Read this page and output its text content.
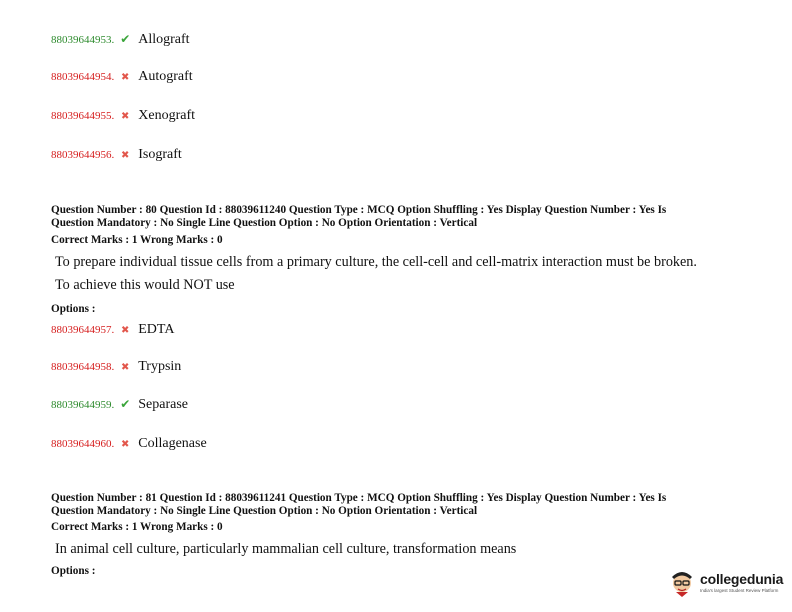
88039644953. ✔ Allograft
88039644954. ✖ Autograft
88039644955. ✖ Xenograft
88039644956. ✖ Isograft
Question Number : 80 Question Id : 88039611240 Question Type : MCQ Option Shuffling : Yes Display Question Number : Yes Is
Question Mandatory : No Single Line Question Option : No Option Orientation : Vertical
Correct Marks : 1 Wrong Marks : 0
To prepare individual tissue cells from a primary culture, the cell-cell and cell-matrix interaction must be broken.
To achieve this would NOT use
Options :
88039644957. ✖ EDTA
88039644958. ✖ Trypsin
88039644959. ✔ Separase
88039644960. ✖ Collagenase
Question Number : 81 Question Id : 88039611241 Question Type : MCQ Option Shuffling : Yes Display Question Number : Yes Is
Question Mandatory : No Single Line Question Option : No Option Orientation : Vertical
Correct Marks : 1 Wrong Marks : 0
In animal cell culture, particularly mammalian cell culture, transformation means
Options :	collegedunia
India's largest Student Review Platform
